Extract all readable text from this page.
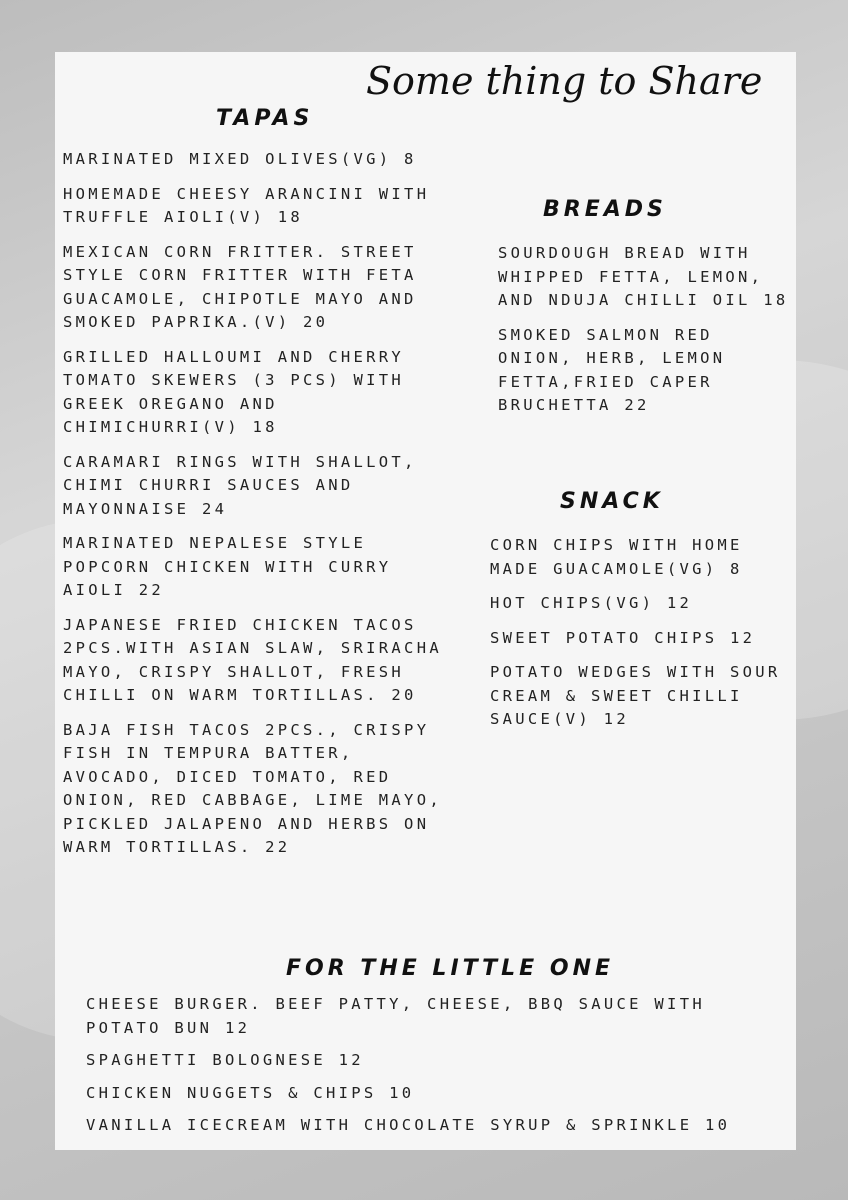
Some thing to Share
TAPAS
MARINATED MIXED OLIVES(VG) 8
HOMEMADE CHEESY ARANCINI WITH TRUFFLE AIOLI(V) 18
MEXICAN CORN FRITTER. STREET STYLE CORN FRITTER WITH FETA GUACAMOLE, CHIPOTLE MAYO AND SMOKED PAPRIKA.(V) 20
GRILLED HALLOUMI AND CHERRY TOMATO SKEWERS (3 PCS) WITH GREEK OREGANO AND CHIMICHURRI(V) 18
CARAMARI RINGS WITH SHALLOT, CHIMI CHURRI SAUCES AND MAYONNAISE 24
MARINATED NEPALESE STYLE POPCORN CHICKEN WITH CURRY AIOLI 22
JAPANESE FRIED CHICKEN TACOS 2PCS.WITH ASIAN SLAW, SRIRACHA MAYO, CRISPY SHALLOT, FRESH CHILLI ON WARM TORTILLAS. 20
BAJA FISH TACOS 2PCS., CRISPY FISH IN TEMPURA BATTER, AVOCADO, DICED TOMATO, RED ONION, RED CABBAGE, LIME MAYO, PICKLED JALAPENO AND HERBS ON WARM TORTILLAS. 22
BREADS
SOURDOUGH BREAD WITH WHIPPED FETTA, LEMON, AND NDUJA CHILLI OIL 18
SMOKED SALMON RED ONION, HERB, LEMON FETTA,FRIED CAPER BRUCHETTA 22
SNACK
CORN CHIPS WITH HOME MADE GUACAMOLE(VG) 8
HOT CHIPS(VG) 12
SWEET POTATO CHIPS 12
POTATO WEDGES WITH SOUR CREAM & SWEET CHILLI SAUCE(V) 12
FOR THE LITTLE ONE
CHEESE BURGER. BEEF PATTY, CHEESE, BBQ SAUCE WITH POTATO BUN 12
SPAGHETTI BOLOGNESE 12
CHICKEN NUGGETS & CHIPS 10
VANILLA ICECREAM WITH CHOCOLATE SYRUP & SPRINKLE 10
